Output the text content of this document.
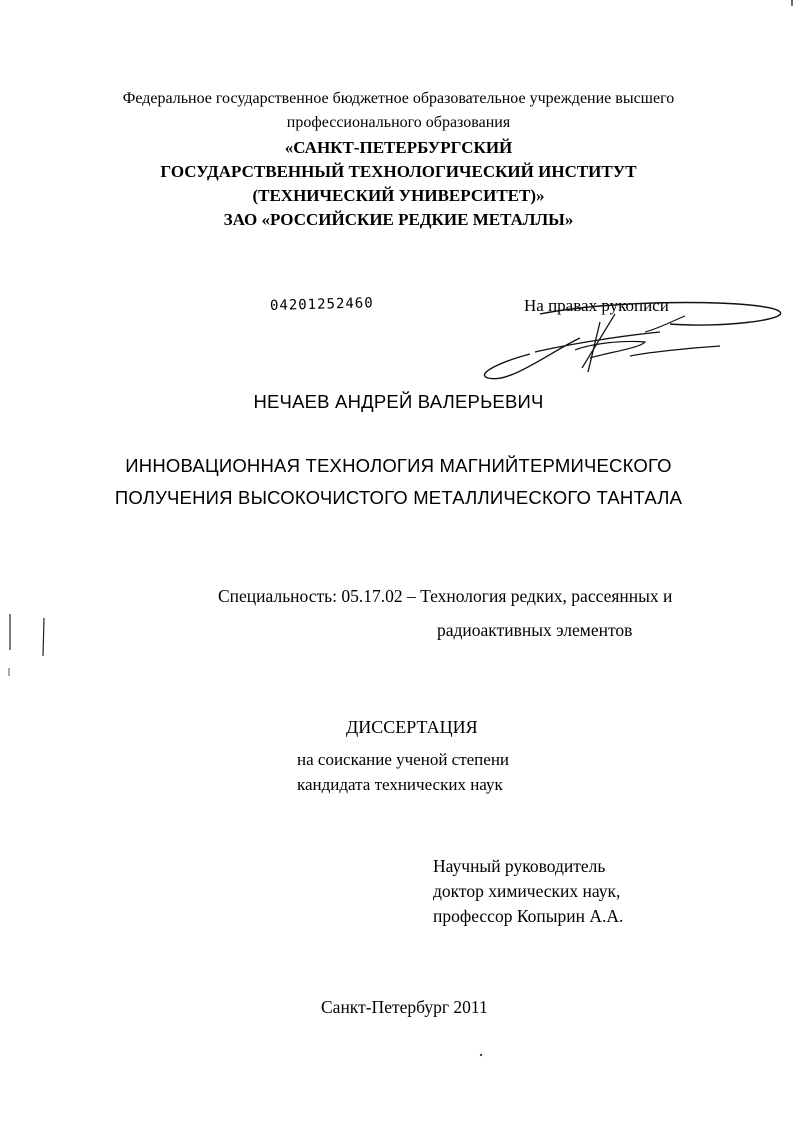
Федеральное государственное бюджетное образовательное учреждение высшего
профессионального образования
«САНКТ-ПЕТЕРБУРГСКИЙ
ГОСУДАРСТВЕННЫЙ ТЕХНОЛОГИЧЕСКИЙ ИНСТИТУТ
(ТЕХНИЧЕСКИЙ УНИВЕРСИТЕТ)»
ЗАО «РОССИЙСКИЕ РЕДКИЕ МЕТАЛЛЫ»
04201252460	На правах рукописи
НЕЧАЕВ АНДРЕЙ ВАЛЕРЬЕВИЧ
ИННОВАЦИОННАЯ ТЕХНОЛОГИЯ МАГНИЙТЕРМИЧЕСКОГО
ПОЛУЧЕНИЯ ВЫСОКОЧИСТОГО МЕТАЛЛИЧЕСКОГО ТАНТАЛА
Специальность: 05.17.02 – Технология редких, рассеянных и
радиоактивных элементов
ДИССЕРТАЦИЯ
на соискание ученой степени
кандидата технических наук
Научный руководитель
доктор химических наук,
профессор Копырин А.А.
Санкт-Петербург 2011
